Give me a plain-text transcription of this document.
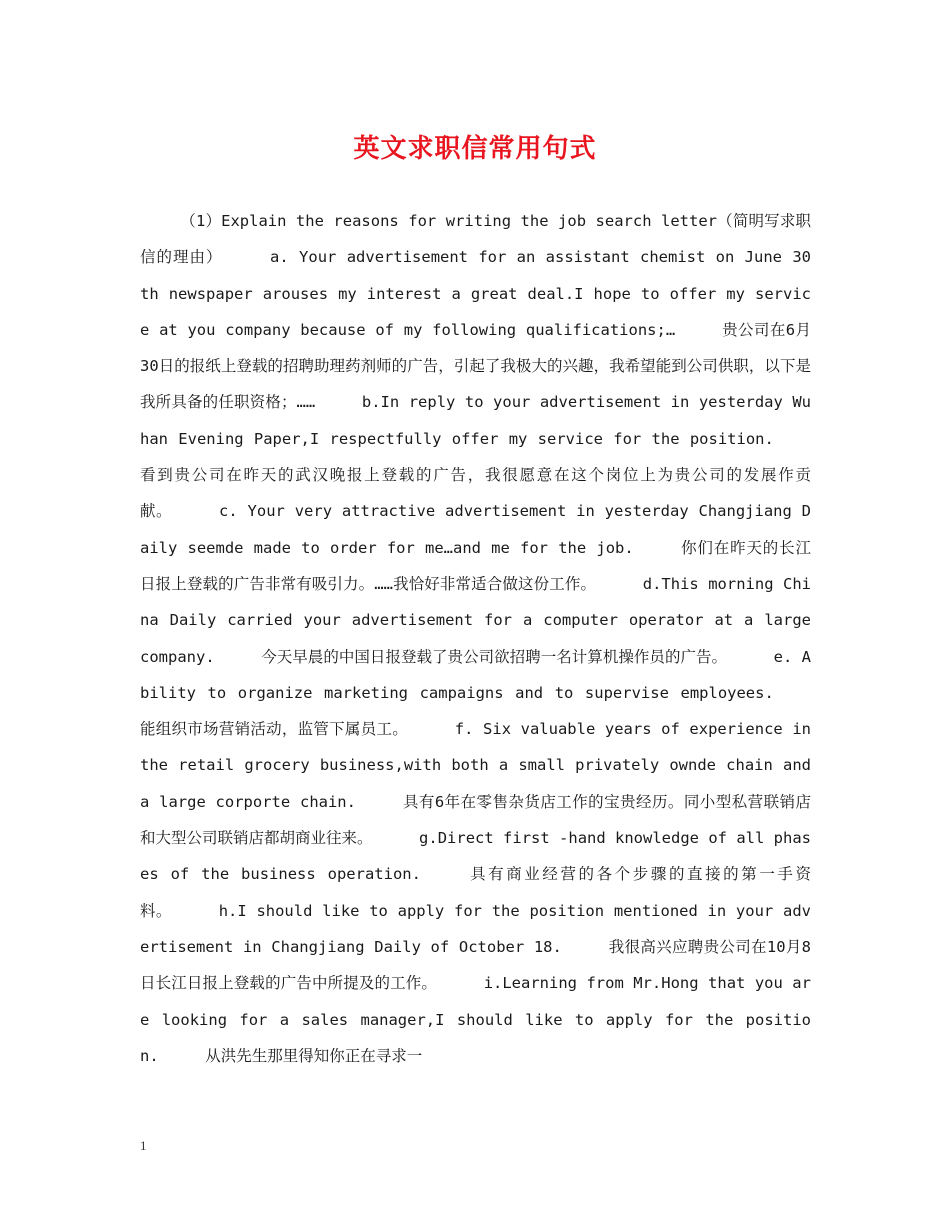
英文求职信常用句式
（1）Explain the reasons for writing the job search letter（简明写求职信的理由）	a. Your advertisement for an assistant chemist on June 30 th newspaper arouses my interest a great deal.I hope to offer my service at you company because of my following qualifications;…	贵公司在6月30日的报纸上登载的招聘助理药剂师的广告，引起了我极大的兴趣，我希望能到公司供职，以下是我所具备的任职资格；……	b.In reply to your advertisement in yesterday Wuhan Evening Paper,I respectfully offer my service for the position. 看到贵公司在昨天的武汉晚报上登载的广告，我很愿意在这个岗位上为贵公司的发展作贡献。	c. Your very attractive advertisement in yesterday Changjiang Daily seemde made to order for me…and me for the job.	你们在昨天的长江日报上登载的广告非常有吸引力。……我恰好非常适合做这份工作。	d.This morning China Daily carried your advertisement for a computer operator at a large company.	今天早晨的中国日报登载了贵公司欲招聘一名计算机操作员的广告。	e. Ability to organize marketing campaigns and to supervise employees. 能组织市场营销活动，监管下属员工。	f. Six valuable years of experience in the retail grocery business,with both a small privately ownde chain and a large corporte chain.	具有6年在零售杂货店工作的宝贵经历。同小型私营联销店和大型公司联销店都胡商业往来。	g.Direct first -hand knowledge of all phases of the business operation.	具有商业经营的各个步骤的直接的第一手资料。	h.I should like to apply for the position mentioned in your advertisement in Changjiang Daily of October 18.	我很高兴应聘贵公司在10月8日长江日报上登载的广告中所提及的工作。	i.Learning from Mr.Hong that you are looking for a sales manager,I should like to apply for the position.	从洪先生那里得知你正在寻求一
1
